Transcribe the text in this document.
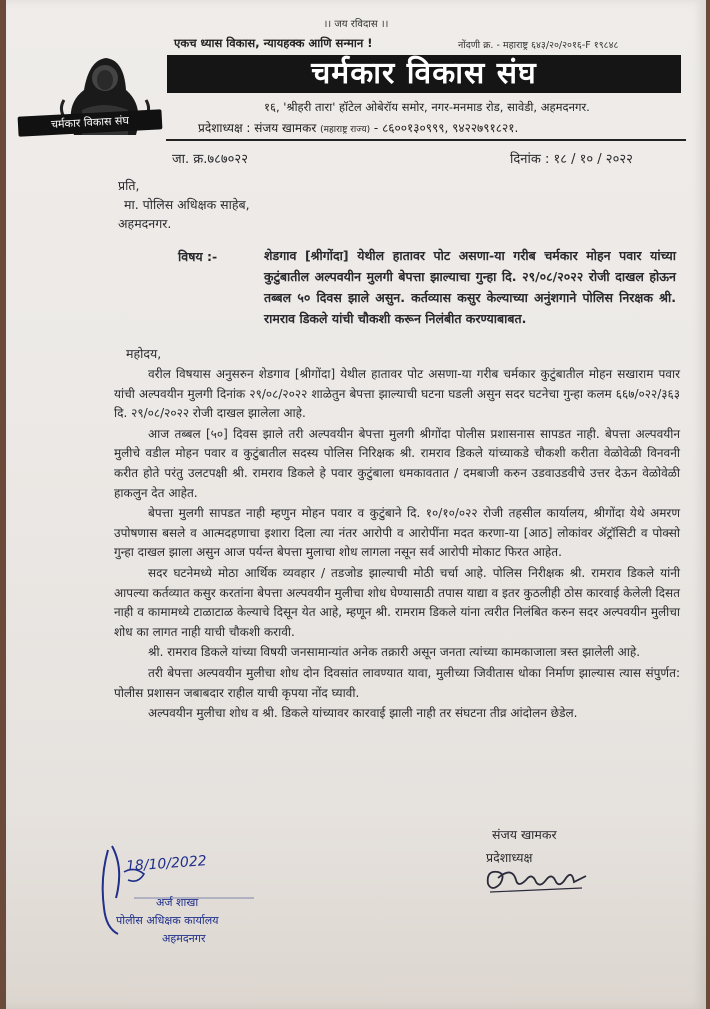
।। जय रविदास ।।
एकच ध्यास विकास, न्यायहक्क आणि सन्मान !	नोंदणी क्र. - महाराष्ट्र ६४३/२०/२०१६-F १९८४८
चर्मकार विकास संघ
चर्मकार विकास संघ
१६, 'श्रीहरी तारा' हॉटेल ओबेरॉय समोर, नगर-मनमाड रोड, सावेडी, अहमदनगर.
प्रदेशाध्यक्ष : संजय खामकर (महाराष्ट्र राज्य) - ८६००१३०९९९, ९४२२७९१८२१.
जा. क्र.७८७०२२	दिनांक : १८ / १० / २०२२
प्रति,
मा. पोलिस अधिक्षक साहेब,
अहमदनगर.
विषय :-	शेडगाव [श्रीगोंदा] येथील हातावर पोट असणा-या गरीब चर्मकार मोहन पवार यांच्या कुटुंबातील अल्पवयीन मुलगी बेपत्ता झाल्याचा गुन्हा दि. २९/०८/२०२२ रोजी दाखल होऊन तब्बल ५० दिवस झाले असुन. कर्तव्यास कसुर केल्याच्या अनुंशगाने पोलिस निरक्षक श्री. रामराव डिकले यांची चौकशी करून निलंबीत करण्याबाबत.
महोदय,

वरील विषयास अनुसरुन शेडगाव [श्रीगोंदा] येथील हातावर पोट असणा-या गरीब चर्मकार कुटुंबातील मोहन सखाराम पवार यांची अल्पवयीन मुलगी दिनांक २९/०८/२०२२ शाळेतुन बेपत्ता झाल्याची घटना घडली असुन सदर घटनेचा गुन्हा कलम ६६७/०२२/३६३ दि. २९/०८/२०२२ रोजी दाखल झालेला आहे.

आज तब्बल [५०] दिवस झाले तरी अल्पवयीन बेपत्ता मुलगी श्रीगोंदा पोलीस प्रशासनास सापडत नाही. बेपत्ता अल्पवयीन मुलीचे वडील मोहन पवार व कुटुंबातील सदस्य पोलिस निरिक्षक श्री. रामराव डिकले यांच्याकडे चौकशी करीता वेळोवेळी विनवनी करीत होते परंतु उलटपक्षी श्री. रामराव डिकले हे पवार कुटुंबाला धमकावतात / दमबाजी करुन उडवाउडवीचे उत्तर देऊन वेळोवेळी हाकलुन देत आहेत.

बेपत्ता मुलगी सापडत नाही म्हणुन मोहन पवार व कुटुंबाने दि. १०/१०/०२२ रोजी तहसील कार्यालय, श्रीगोंदा येथे अमरण उपोषणास बसले व आत्मदहणाचा इशारा दिला त्या नंतर आरोपी व आरोपींना मदत करणा-या [आठ] लोकांवर ॲट्रॉसिटी व पोक्सो गुन्हा दाखल झाला असुन आज पर्यन्त बेपत्ता मुलाचा शोध लागला नसून सर्व आरोपी मोकाट फिरत आहेत.

सदर घटनेमध्ये मोठा आर्थिक व्यवहार / तडजोड झाल्याची मोठी चर्चा आहे. पोलिस निरीक्षक श्री. रामराव डिकले यांनी आपल्या कर्तव्यात कसुर करतांना बेपत्ता अल्पवयीन मुलीचा शोध घेण्यासाठी तपास याद्या व इतर कुठलीही ठोस कारवाई केलेली दिसत नाही व कामामध्ये टाळाटाळ केल्याचे दिसून येत आहे, म्हणून श्री. रामराम डिकले यांना त्वरीत निलंबित करुन सदर अल्पवयीन मुलीचा शोध का लागत नाही याची चौकशी करावी.

श्री. रामराव डिकले यांच्या विषयी जनसामान्यांत अनेक तक्रारी असून जनता त्यांच्या कामकाजाला त्रस्त झालेली आहे.

तरी बेपत्ता अल्पवयीन मुलीचा शोध दोन दिवसांत लावण्यात यावा, मुलीच्या जिवीतास धोका निर्माण झाल्यास त्यास संपुर्णत: पोलीस प्रशासन जबाबदार राहील याची कृपया नोंद घ्यावी.

अल्पवयीन मुलीचा शोध व श्री. डिकले यांच्यावर कारवाई झाली नाही तर संघटना तीव्र आंदोलन छेडेल.

संजय खामकर
प्रदेशाध्यक्ष
18/10/2022
अर्ज शाखा
पोलीस अधिक्षक कार्यालय
अहमदनगर
